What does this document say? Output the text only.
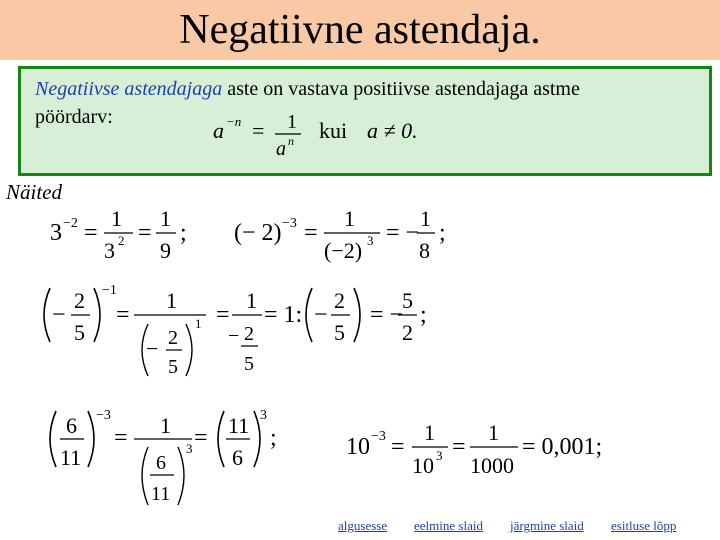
Negatiivne astendaja.
Negatiivse astendajaga aste on vastava positiivse astendajaga astme
pöördarv:
a −n = 1
a n kui a ≠ 0.
Näited
3 −2 =
1
3 2 =
1
9
; (− 2) −3 =
1
(−2) 3 = −
1
8
;
−
2
5
−1
=
1
− 2
5
1 =
1
− 2
5
= 1: −
2
5
= −
5
2
;
6
11
−3
= 1
6
11
3 = 11
6
3
;	10 −3 =
1
10 3 =
1
1000
= 0,001;
algusesse eelmine slaid järgmine slaid esitluse lõpp
